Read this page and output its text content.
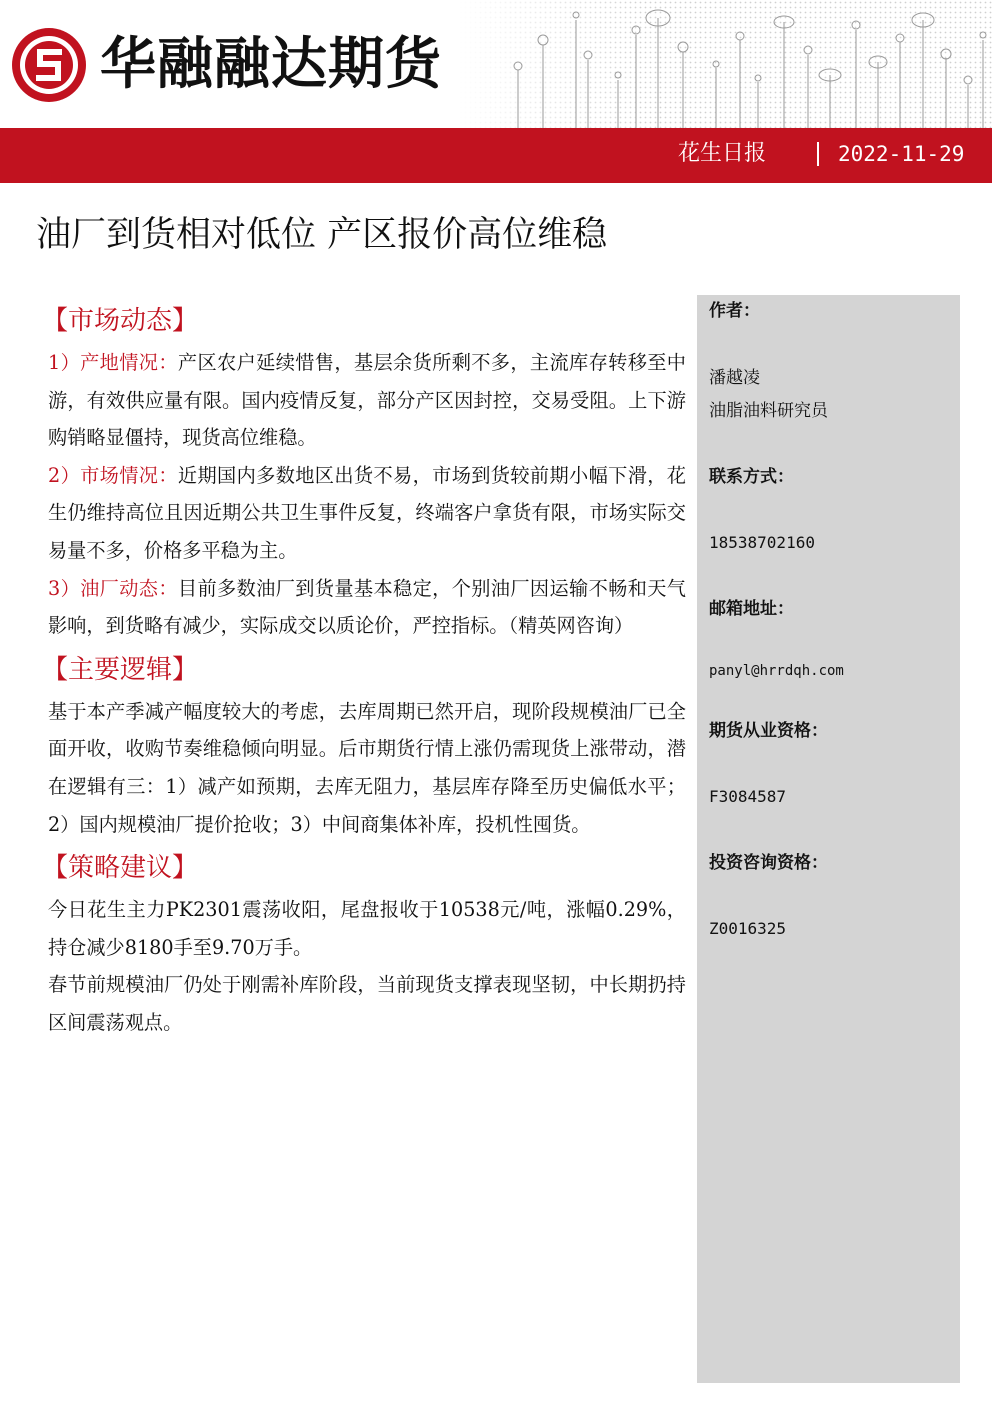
华融融达期货
花生日报	2022-11-29
油厂到货相对低位 产区报价高位维稳
作者：
潘越凌
油脂油料研究员
联系方式：
18538702160
邮箱地址：
panyl@hrrdqh.com
期货从业资格：
F3084587
投资咨询资格：
Z0016325
【市场动态】

1）产地情况：产区农户延续惜售，基层余货所剩不多，主流库存转移至中游，有效供应量有限。国内疫情反复，部分产区因封控，交易受阻。上下游购销略显僵持，现货高位维稳。

2）市场情况：近期国内多数地区出货不易，市场到货较前期小幅下滑，花生仍维持高位且因近期公共卫生事件反复，终端客户拿货有限，市场实际交易量不多，价格多平稳为主。

3）油厂动态：目前多数油厂到货量基本稳定，个别油厂因运输不畅和天气影响，到货略有减少，实际成交以质论价，严控指标。（精英网咨询）

【主要逻辑】

基于本产季减产幅度较大的考虑，去库周期已然开启，现阶段规模油厂已全面开收，收购节奏维稳倾向明显。后市期货行情上涨仍需现货上涨带动，潜在逻辑有三：1）减产如预期，去库无阻力，基层库存降至历史偏低水平；2）国内规模油厂提价抢收；3）中间商集体补库，投机性囤货。

【策略建议】

今日花生主力PK2301震荡收阳，尾盘报收于10538元/吨，涨幅0.29%，持仓减少8180手至9.70万手。

春节前规模油厂仍处于刚需补库阶段，当前现货支撑表现坚韧，中长期扔持区间震荡观点。
